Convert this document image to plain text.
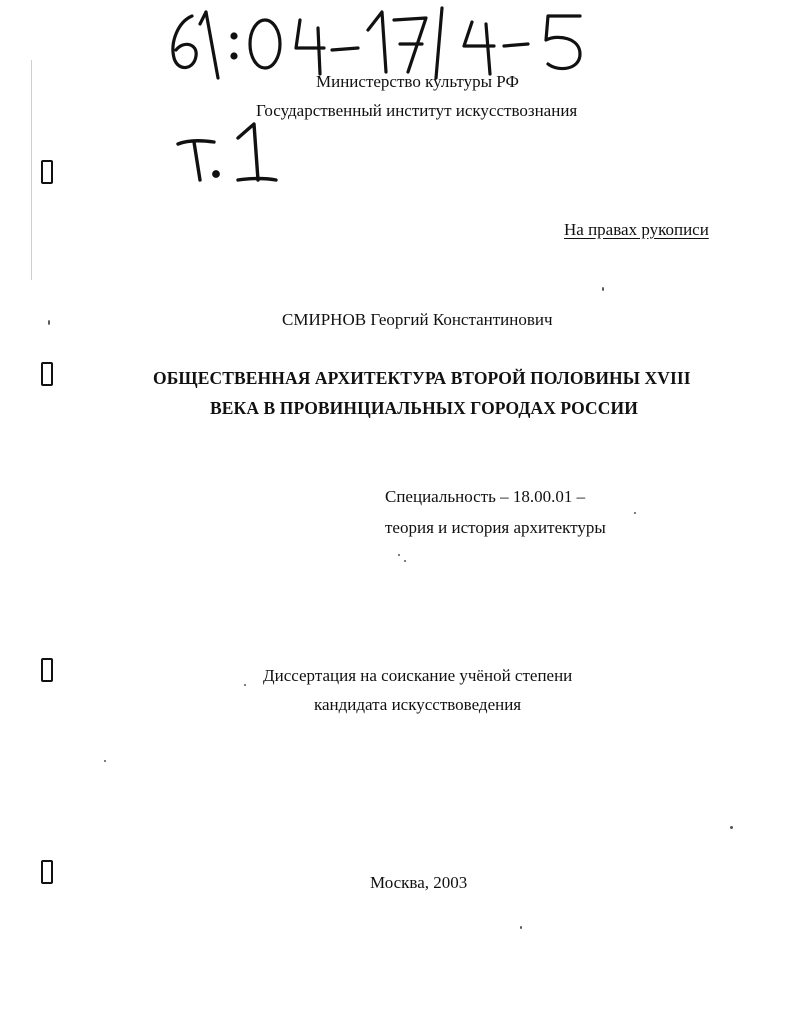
Министерство культуры РФ
Государственный институт искусствознания
На правах рукописи
СМИРНОВ Георгий Константинович
ОБЩЕСТВЕННАЯ АРХИТЕКТУРА ВТОРОЙ ПОЛОВИНЫ XVIII
ВЕКА В ПРОВИНЦИАЛЬНЫХ ГОРОДАХ РОССИИ
Специальность – 18.00.01 –
теория и история архитектуры
Диссертация на соискание учёной степени
кандидата искусствоведения
Москва, 2003
